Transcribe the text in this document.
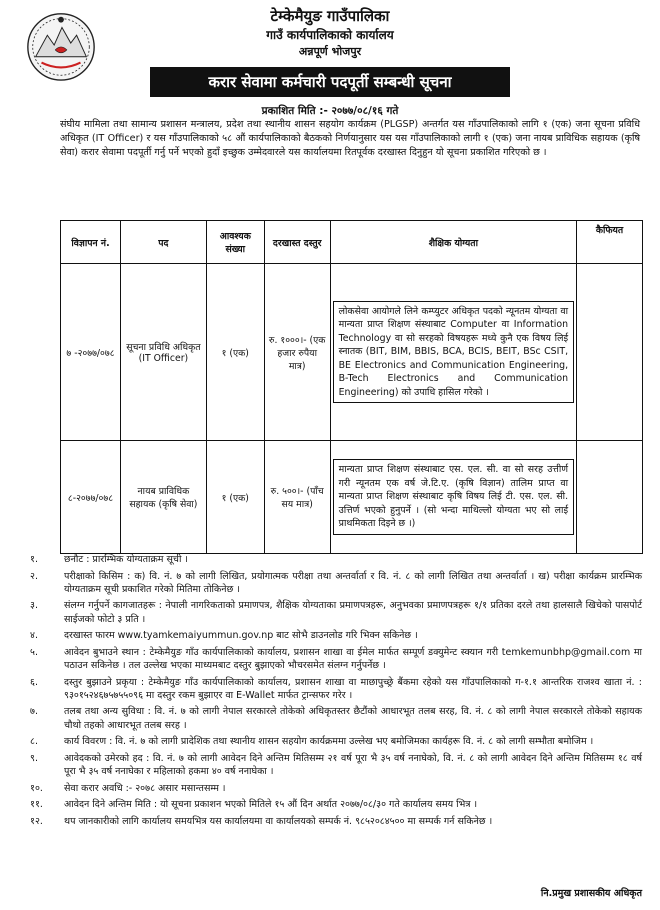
टेम्केमैयुङ गाउँपालिका
गाउँ कार्यपालिकाको कार्यालय
अन्नपूर्ण भोजपुर
करार सेवामा कर्मचारी पदपूर्ती सम्बन्धी सूचना
प्रकाशित मिति :- २०७७/०८/१६ गते

संघीय मामिला तथा सामान्य प्रशासन मन्त्रालय, प्रदेश तथा स्थानीय शासन सहयोग कार्यक्रम (PLGSP) अन्तर्गत यस गाँउपालिकाको लागि १ (एक) जना सूचना प्रविधि अधिकृत (IT Officer) र यस गाँउपालिकाको ५८ औं कार्यपालिकाको बैठकको निर्णयानुसार यस यस गाँउपालिकाको लागी १ (एक) जना नायब प्राविधिक सहायक (कृषि सेवा) करार सेवामा पदपूर्ती गर्नु पर्ने भएको हुदाँ इच्छुक उम्मेदवारले यस कार्यालयमा रितपूर्वक दरखास्त दिनुहुन यो सूचना प्रकाशित गरिएको छ ।

विज्ञापन नं.	पद	आवश्यक संख्या	दरखास्त दस्तुर	शैक्षिक योग्यता	कैफियत
७ -२०७७/०७८	सूचना प्रविधि अधिकृत (IT Officer)	१ (एक)	रु. १०००।- (एक हजार रुपैया मात्र)	लोकसेवा आयोगले लिने कम्प्युटर अधिकृत पदको न्यूनतम योग्यता वा मान्यता प्राप्त शिक्षण संस्थाबाट Computer वा Information Technology वा सो सरहको विषयहरू मध्ये कुनै एक विषय लिई स्नातक (BIT, BIM, BBIS, BCA, BCIS, BEIT, BSc CSIT, BE Electronics and Communication Engineering, B-Tech Electronics and Communication Engineering) को उपाधि हासिल गरेको ।	

८-२०७७/०७८	नायब प्राविधिक सहायक (कृषि सेवा)	१ (एक)	रु. ५००।- (पाँच सय मात्र)	मान्यता प्राप्त शिक्षण संस्थाबाट एस. एल. सी. वा सो सरह उत्तीर्ण गरी न्यूनतम एक वर्ष जे.टि.ए. (कृषि विज्ञान) तालिम प्राप्त वा मान्यता प्राप्त शिक्षण संस्थाबाट कृषि विषय लिई टी. एस. एल. सी. उत्तिर्ण भएको हुनुपर्ने । (सो भन्दा माथिल्लो योग्यता भए सो लाई प्राथमिकता दिइने छ ।)	

१.	छनौट : प्रारम्भिक योग्यताक्रम सूची ।
२.	परीक्षाको किसिम : क) वि. नं. ७ को लागी लिखित, प्रयोगात्मक परीक्षा तथा अन्तर्वार्ता र वि. नं. ८ को लागी लिखित तथा अन्तर्वार्ता । ख) परीक्षा कार्यक्रम प्रारम्भिक योग्यताक्रम सूची प्रकाशित गरेको मितिमा तोकिनेछ ।
३.	संलग्न गर्नुपर्ने कागजातहरू : नेपाली नागरिकताको प्रमाणपत्र, शैक्षिक योग्यताका प्रमाणपत्रहरू, अनुभवका प्रमाणपत्रहरू १/१ प्रतिका दरले तथा हालसालै खिचेको पासपोर्ट साईजको फोटो ३ प्रति ।
४.	दरखास्त फारम www.tyamkemaiyummun.gov.np बाट सोभै डाउनलोड गरि भिक्न सकिनेछ ।
५.	आवेदन बुभाउने स्थान : टेम्केमैयुङ गाँउ कार्यपालिकाको कार्यालय, प्रशासन शाखा वा ईमेल मार्फत सम्पूर्ण डक्युमेन्ट स्क्यान गरी temkemunbhp@gmail.com मा पठाउन सकिनेछ । तल उल्लेख भएका माध्यमबाट दस्तुर बुझाएको भौचरसमेत संलग्न गर्नुपर्नेछ ।
६.	दस्तुर बुझाउने प्रकृया : टेम्केमैयुङ गाँउ कार्यपालिकाको कार्यालय, प्रशासन शाखा वा माछापुच्छ्रे बैंकमा रहेको यस गाँउपालिकाको ग-१.१ आन्तरिक राजश्व खाता नं. : ९३०१५२४६७५७५५०९६ मा दस्तुर रकम बुझाएर वा E-Wallet मार्फत ट्रान्सफर गरेर ।
७.	तलब तथा अन्य सुविधा : वि. नं. ७ को लागी नेपाल सरकारले तोकेको अधिकृतस्तर छैटौंको आधारभूत तलब सरह, वि. नं. ८ को लागी नेपाल सरकारले तोकेको सहायक चौथो तहको आधारभूत तलब सरह ।
८.	कार्य विवरण : वि. नं. ७ को लागी प्रादेशिक तथा स्थानीय शासन सहयोग कार्यक्रममा उल्लेख भए बमोजिमका कार्यहरू वि. नं. ८ को लागी सम्भौता बमोजिम ।
९.	आवेदकको उमेरको हद : वि. नं. ७ को लागी आवेदन दिने अन्तिम मितिसम्म २१ वर्ष पूरा भै ३५ वर्ष ननाघेको, वि. नं. ८ को लागी आवेदन दिने अन्तिम मितिसम्म १८ वर्ष पूरा भै ३५ वर्ष ननाघेका र महिलाको हकमा ४० वर्ष ननाघेका ।
१०.	सेवा करार अवधि :- २०७८ असार मसान्तसम्म ।
११.	आवेदन दिने अन्तिम मिति : यो सूचना प्रकाशन भएको मितिले १५ औं दिन अर्थात २०७७/०८/३० गते कार्यालय समय भित्र ।
१२.	थप जानकारीको लागि कार्यालय समयभित्र यस कार्यालयमा वा कार्यालयको सम्पर्क नं. ९८५२०८४५०० मा सम्पर्क गर्न सकिनेछ ।
नि.प्रमुख प्रशासकीय अधिकृत
